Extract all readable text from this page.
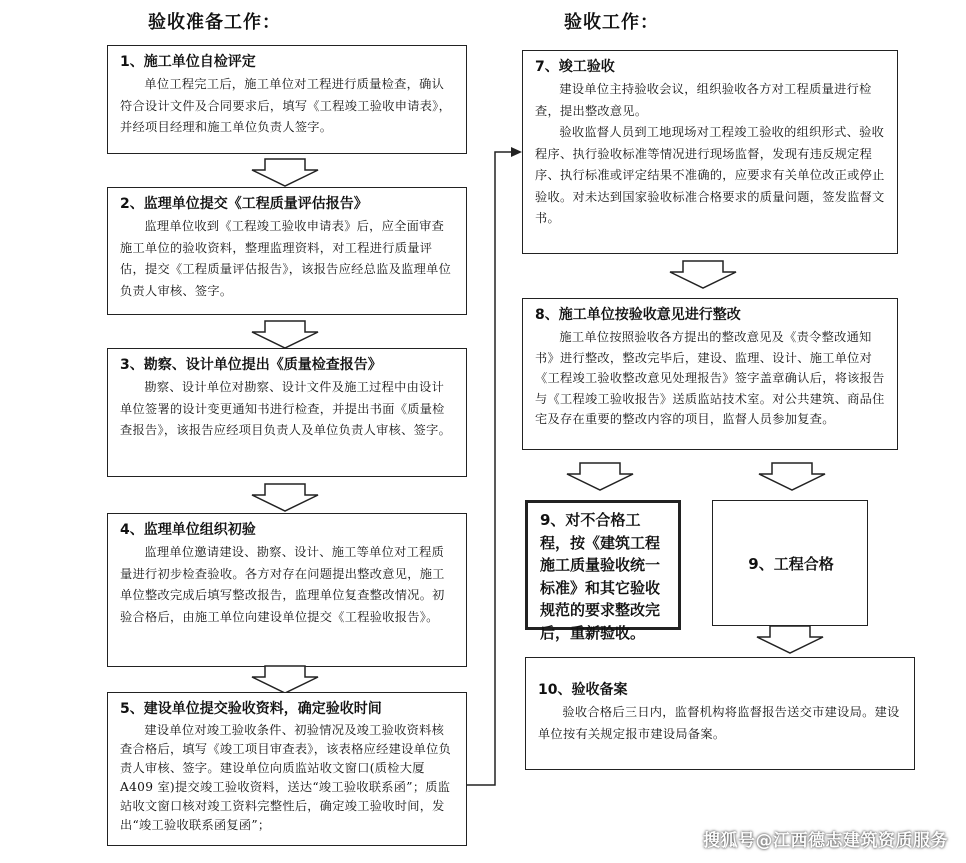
验收准备工作：	验收工作：
1、施工单位自检评定

单位工程完工后，施工单位对工程进行质量检查，确认符合设计文件及合同要求后，填写《工程竣工验收申请表》，并经项目经理和施工单位负责人签字。

2、监理单位提交《工程质量评估报告》

监理单位收到《工程竣工验收申请表》后，应全面审查施工单位的验收资料，整理监理资料，对工程进行质量评估，提交《工程质量评估报告》，该报告应经总监及监理单位负责人审核、签字。

3、勘察、设计单位提出《质量检查报告》

勘察、设计单位对勘察、设计文件及施工过程中由设计单位签署的设计变更通知书进行检查，并提出书面《质量检查报告》，该报告应经项目负责人及单位负责人审核、签字。

4、监理单位组织初验

监理单位邀请建设、勘察、设计、施工等单位对工程质量进行初步检查验收。各方对存在问题提出整改意见，施工单位整改完成后填写整改报告，监理单位复查整改情况。初验合格后，由施工单位向建设单位提交《工程验收报告》。

5、建设单位提交验收资料，确定验收时间

建设单位对竣工验收条件、初验情况及竣工验收资料核查合格后，填写《竣工项目审查表》，该表格应经建设单位负责人审核、签字。建设单位向质监站收文窗口(质检大厦 A409 室)提交竣工验收资料，送达“竣工验收联系函”；质监站收文窗口核对竣工资料完整性后，确定竣工验收时间，发出“竣工验收联系函复函”；

7、竣工验收

建设单位主持验收会议，组织验收各方对工程质量进行检查，提出整改意见。

验收监督人员到工地现场对工程竣工验收的组织形式、验收程序、执行验收标准等情况进行现场监督，发现有违反规定程序、执行标准或评定结果不准确的，应要求有关单位改正或停止验收。对未达到国家验收标准合格要求的质量问题，签发监督文书。

8、施工单位按验收意见进行整改

施工单位按照验收各方提出的整改意见及《责令整改通知书》进行整改，整改完毕后，建设、监理、设计、施工单位对《工程竣工验收整改意见处理报告》签字盖章确认后，将该报告与《工程竣工验收报告》送质监站技术室。对公共建筑、商品住宅及存在重要的整改内容的项目，监督人员参加复查。

9、对不合格工程，按《建筑工程施工质量验收统一标准》和其它验收规范的要求整改完后，重新验收。
9、工程合格
10、验收备案

验收合格后三日内，监督机构将监督报告送交市建设局。建设单位按有关规定报市建设局备案。

搜狐号@江西德志建筑资质服务
